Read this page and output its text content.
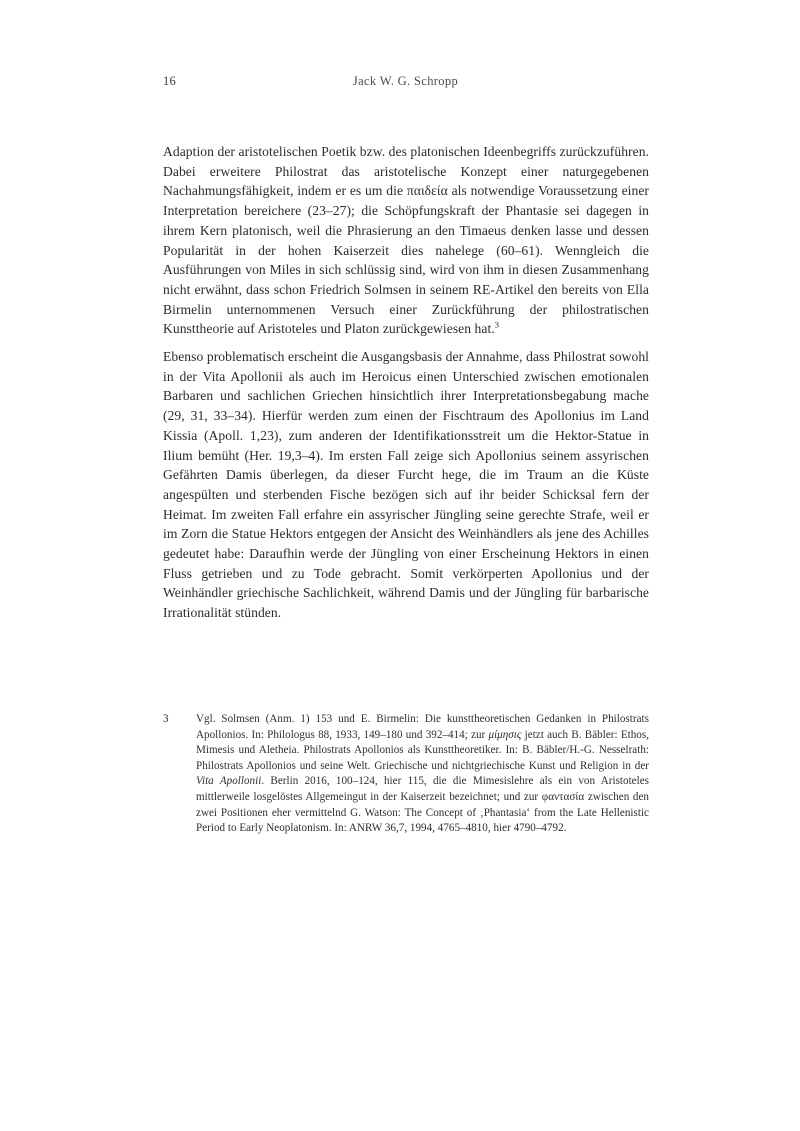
16	Jack W. G. Schropp

Adaption der aristotelischen Poetik bzw. des platonischen Ideenbegriffs zurückzuführen. Dabei erweitere Philostrat das aristotelische Konzept einer naturgegebenen Nachahmungsfähigkeit, indem er es um die παιδεία als notwendige Voraussetzung einer Interpretation bereichere (23–27); die Schöpfungskraft der Phantasie sei dagegen in ihrem Kern platonisch, weil die Phrasierung an den Timaeus denken lasse und dessen Popularität in der hohen Kaiserzeit dies nahelege (60–61). Wenngleich die Ausführungen von Miles in sich schlüssig sind, wird von ihm in diesen Zusammenhang nicht erwähnt, dass schon Friedrich Solmsen in seinem RE-Artikel den bereits von Ella Birmelin unternommenen Versuch einer Zurückführung der philostratischen Kunsttheorie auf Aristoteles und Platon zurückgewiesen hat.$^3$

Ebenso problematisch erscheint die Ausgangsbasis der Annahme, dass Philostrat sowohl in der Vita Apollonii als auch im Heroicus einen Unterschied zwischen emotionalen Barbaren und sachlichen Griechen hinsichtlich ihrer Interpretationsbegabung mache (29, 31, 33–34). Hierfür werden zum einen der Fischtraum des Apollonius im Land Kissia (Apoll. 1,23), zum anderen der Identifikationsstreit um die Hektor-Statue in Ilium bemüht (Her. 19,3–4). Im ersten Fall zeige sich Apollonius seinem assyrischen Gefährten Damis überlegen, da dieser Furcht hege, die im Traum an die Küste angespülten und sterbenden Fische bezögen sich auf ihr beider Schicksal fern der Heimat. Im zweiten Fall erfahre ein assyrischer Jüngling seine gerechte Strafe, weil er im Zorn die Statue Hektors entgegen der Ansicht des Weinhändlers als jene des Achilles gedeutet habe: Daraufhin werde der Jüngling von einer Erscheinung Hektors in einen Fluss getrieben und zu Tode gebracht. Somit verkörperten Apollonius und der Weinhändler griechische Sachlichkeit, während Damis und der Jüngling für barbarische Irrationalität stünden.

3	Vgl. Solmsen (Anm. 1) 153 und E. Birmelin: Die kunsttheoretischen Gedanken in Philostrats Apollonios. In: Philologus 88, 1933, 149–180 und 392–414; zur μίμησις jetzt auch B. Bäbler: Ethos, Mimesis und Aletheia. Philostrats Apollonios als Kunsttheoretiker. In: B. Bäbler/H.-G. Nesselrath: Philostrats Apollonios und seine Welt. Griechische und nichtgriechische Kunst und Religion in der Vita Apollonii. Berlin 2016, 100–124, hier 115, die die Mimesislehre als ein von Aristoteles mittlerweile losgelöstes Allgemeingut in der Kaiserzeit bezeichnet; und zur φαντασία zwischen den zwei Positionen eher vermittelnd G. Watson: The Concept of ‚Phantasia‘ from the Late Hellenistic Period to Early Neoplatonism. In: ANRW 36,7, 1994, 4765–4810, hier 4790–4792.
